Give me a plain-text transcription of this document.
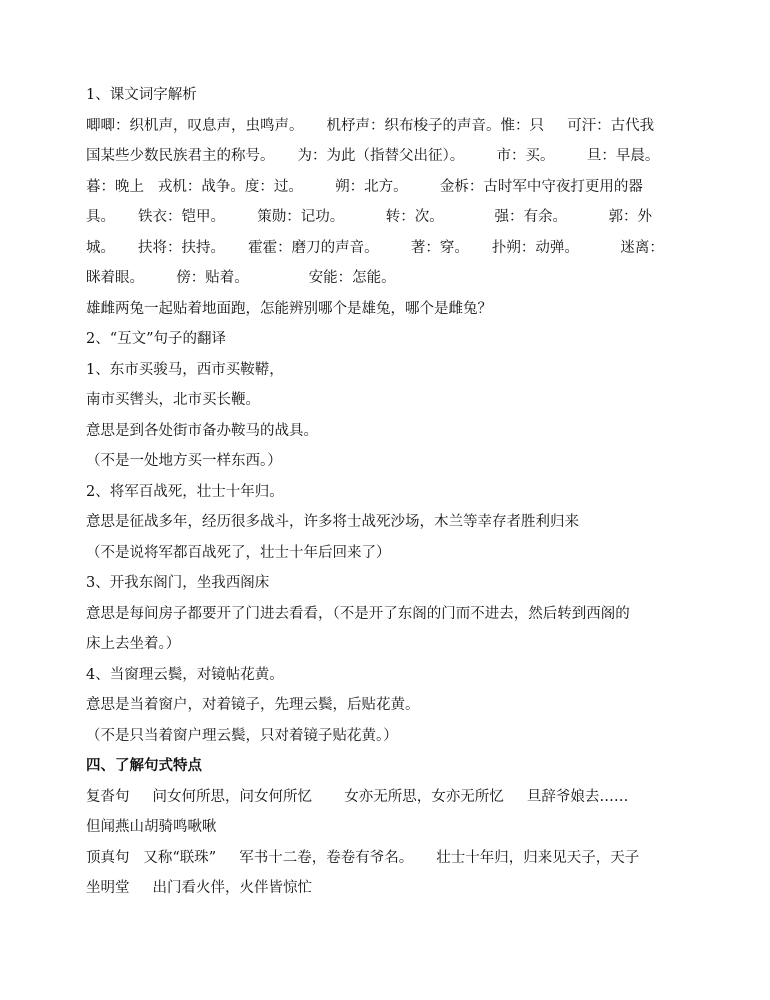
1、课文词字解析
唧唧：织机声，叹息声，虫鸣声。     机杼声：织布梭子的声音。惟：只     可汗：古代我
国某些少数民族君主的称号。     为：为此（指替父出征）。       市：买。       旦：早晨。
暮：晚上   戎机：战争。度：过。       朔：北方。       金柝：古时军中守夜打更用的器
具。     铁衣：铠甲。       策勋：记功。         转：次。           强：有余。         郭：外
城。     扶将：扶持。     霍霍：磨刀的声音。       著：穿。     扑朔：动弹。         迷离：
眯着眼。       傍：贴着。             安能：怎能。
雄雌两兔一起贴着地面跑，怎能辨别哪个是雄兔，哪个是雌兔？
2、“互文”句子的翻译
1、东市买骏马，西市买鞍鞯，
南市买辔头，北市买长鞭。
意思是到各处街市备办鞍马的战具。
（不是一处地方买一样东西。）
2、将军百战死，壮士十年归。
意思是征战多年，经历很多战斗，许多将士战死沙场，木兰等幸存者胜利归来
（不是说将军都百战死了，壮士十年后回来了）
3、开我东阁门，坐我西阁床
意思是每间房子都要开了门进去看看，（不是开了东阁的门而不进去，然后转到西阁的
床上去坐着。）
4、当窗理云鬓，对镜帖花黄。
意思是当着窗户，对着镜子，先理云鬓，后贴花黄。
（不是只当着窗户理云鬓，只对着镜子贴花黄。）
四、了解句式特点
复沓句     问女何所思，问女何所忆       女亦无所思，女亦无所忆     旦辞爷娘去……
但闻燕山胡骑鸣啾啾
顶真句   又称“联珠”     军书十二卷，卷卷有爷名。     壮士十年归，归来见天子，天子
坐明堂     出门看火伴，火伴皆惊忙
